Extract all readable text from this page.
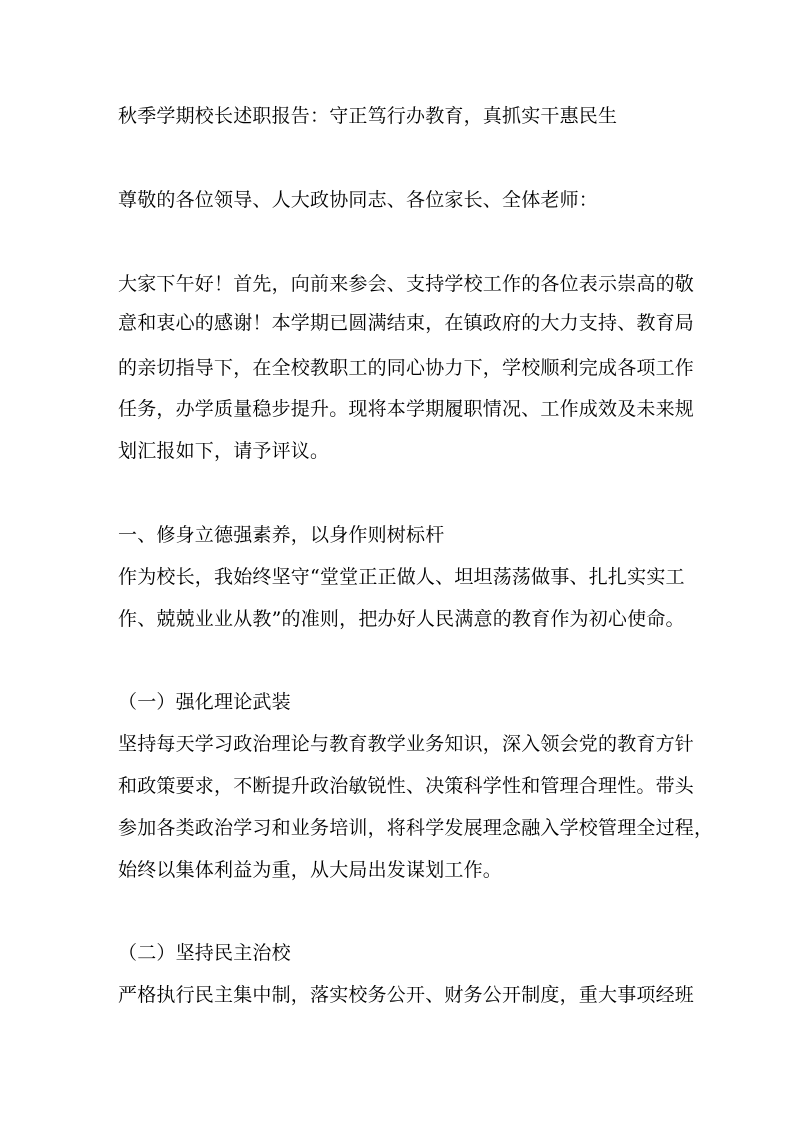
秋季学期校长述职报告：守正笃行办教育，真抓实干惠民生
尊敬的各位领导、人大政协同志、各位家长、全体老师：
大家下午好！首先，向前来参会、支持学校工作的各位表示崇高的敬
意和衷心的感谢！本学期已圆满结束，在镇政府的大力支持、教育局
的亲切指导下，在全校教职工的同心协力下，学校顺利完成各项工作
任务，办学质量稳步提升。现将本学期履职情况、工作成效及未来规
划汇报如下，请予评议。
一、修身立德强素养，以身作则树标杆
作为校长，我始终坚守“堂堂正正做人、坦坦荡荡做事、扎扎实实工
作、兢兢业业从教”的准则，把办好人民满意的教育作为初心使命。
（一）强化理论武装
坚持每天学习政治理论与教育教学业务知识，深入领会党的教育方针
和政策要求，不断提升政治敏锐性、决策科学性和管理合理性。带头
参加各类政治学习和业务培训，将科学发展理念融入学校管理全过程，
始终以集体利益为重，从大局出发谋划工作。
（二）坚持民主治校
严格执行民主集中制，落实校务公开、财务公开制度，重大事项经班
